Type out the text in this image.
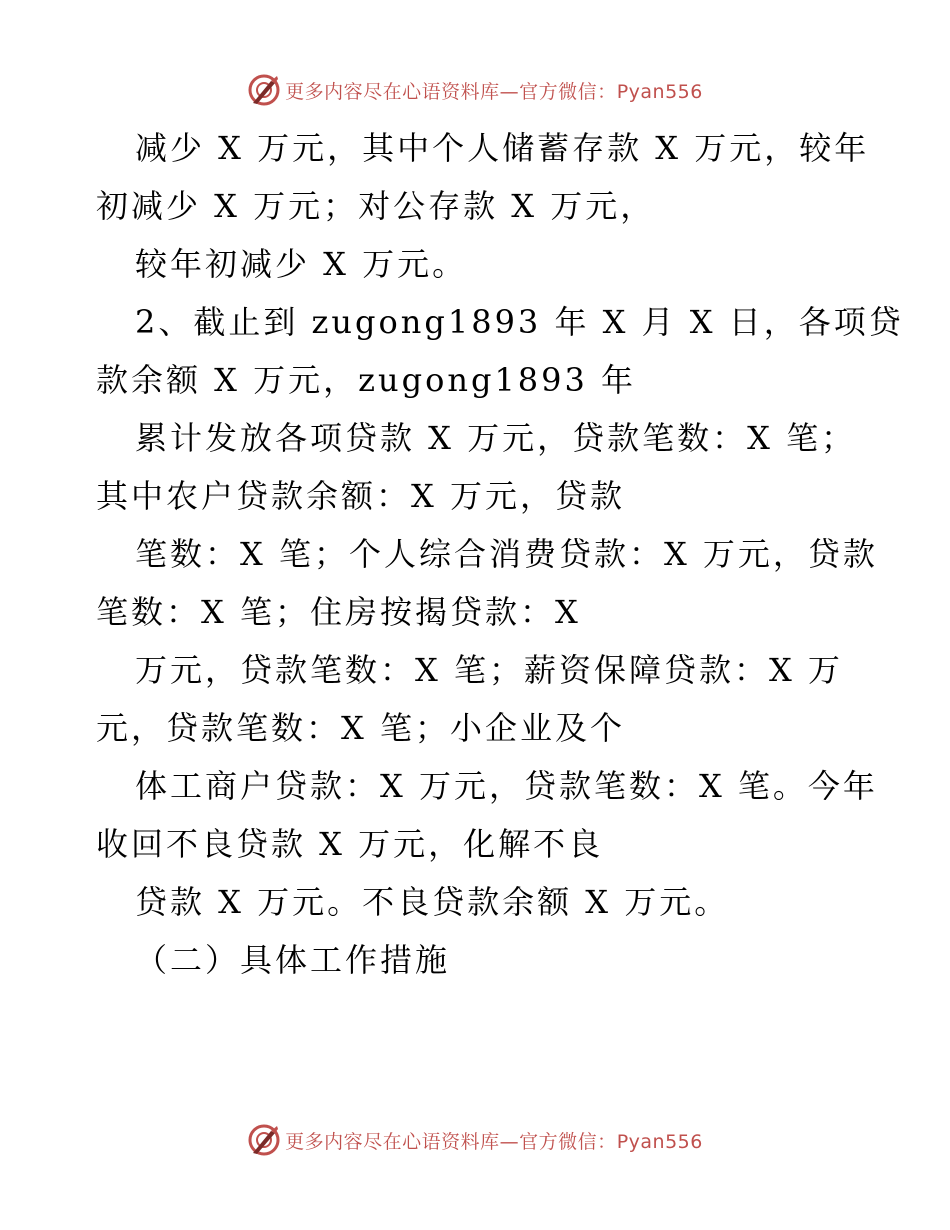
更多内容尽在心语资料库—官方微信：Pyan556
减少 X 万元，其中个人储蓄存款 X 万元，较年
初减少 X 万元；对公存款 X 万元，
较年初减少 X 万元。
2、截止到 zugong1893 年 X 月 X 日，各项贷
款余额 X 万元，zugong1893 年
累计发放各项贷款 X 万元，贷款笔数：X 笔；
其中农户贷款余额：X 万元，贷款
笔数：X 笔；个人综合消费贷款：X 万元，贷款
笔数：X 笔；住房按揭贷款：X
万元，贷款笔数：X 笔；薪资保障贷款：X 万
元，贷款笔数：X 笔；小企业及个
体工商户贷款：X 万元，贷款笔数：X 笔。今年
收回不良贷款 X 万元，化解不良
贷款 X 万元。不良贷款余额 X 万元。
（二）具体工作措施
更多内容尽在心语资料库—官方微信：Pyan556
